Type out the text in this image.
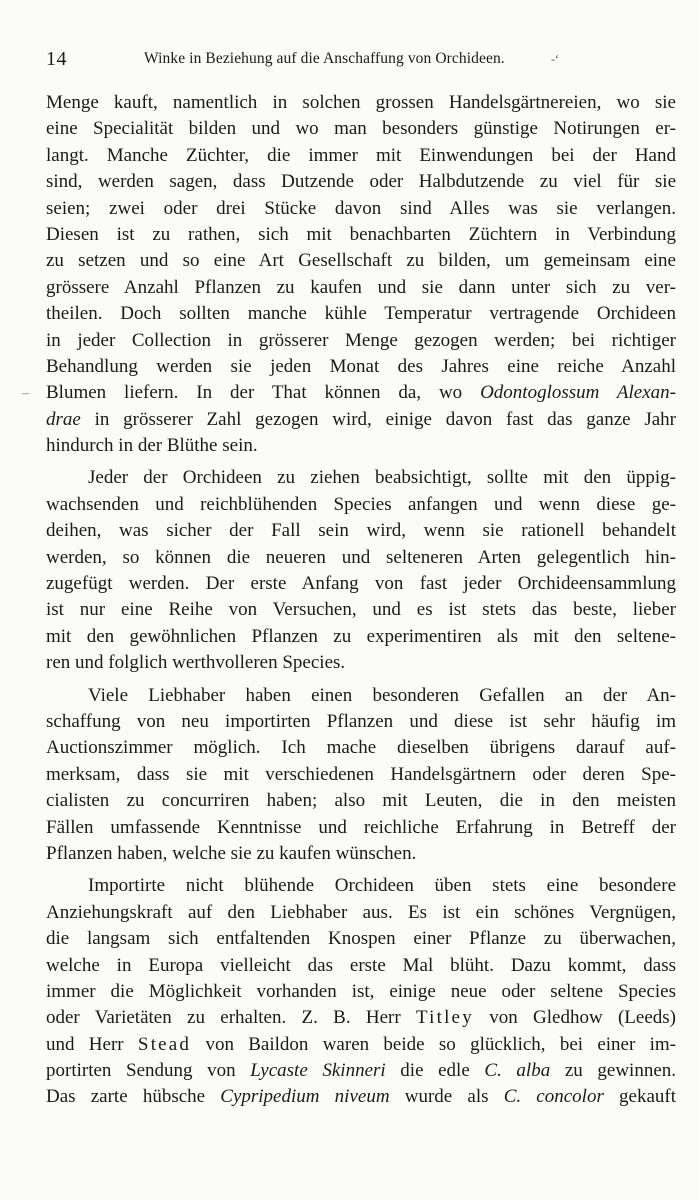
14	Winke in Beziehung auf die Anschaffung von Orchideen.	-‘
–
Menge kauft, namentlich in solchen grossen Handelsgärtnereien, wo sie
eine Specialität bilden und wo man besonders günstige Notirungen er-
langt. Manche Züchter, die immer mit Einwendungen bei der Hand
sind, werden sagen, dass Dutzende oder Halbdutzende zu viel für sie
seien; zwei oder drei Stücke davon sind Alles was sie verlangen.
Diesen ist zu rathen, sich mit benachbarten Züchtern in Verbindung
zu setzen und so eine Art Gesellschaft zu bilden, um gemeinsam eine
grössere Anzahl Pflanzen zu kaufen und sie dann unter sich zu ver-
theilen. Doch sollten manche kühle Temperatur vertragende Orchideen
in jeder Collection in grösserer Menge gezogen werden; bei richtiger
Behandlung werden sie jeden Monat des Jahres eine reiche Anzahl
Blumen liefern. In der That können da, wo Odontoglossum Alexan-
drae in grösserer Zahl gezogen wird, einige davon fast das ganze Jahr
hindurch in der Blüthe sein.
Jeder der Orchideen zu ziehen beabsichtigt, sollte mit den üppig-
wachsenden und reichblühenden Species anfangen und wenn diese ge-
deihen, was sicher der Fall sein wird, wenn sie rationell behandelt
werden, so können die neueren und selteneren Arten gelegentlich hin-
zugefügt werden. Der erste Anfang von fast jeder Orchideensammlung
ist nur eine Reihe von Versuchen, und es ist stets das beste, lieber
mit den gewöhnlichen Pflanzen zu experimentiren als mit den seltene-
ren und folglich werthvolleren Species.
Viele Liebhaber haben einen besonderen Gefallen an der An-
schaffung von neu importirten Pflanzen und diese ist sehr häufig im
Auctionszimmer möglich. Ich mache dieselben übrigens darauf auf-
merksam, dass sie mit verschiedenen Handelsgärtnern oder deren Spe-
cialisten zu concurriren haben; also mit Leuten, die in den meisten
Fällen umfassende Kenntnisse und reichliche Erfahrung in Betreff der
Pflanzen haben, welche sie zu kaufen wünschen.
Importirte nicht blühende Orchideen üben stets eine besondere
Anziehungskraft auf den Liebhaber aus. Es ist ein schönes Vergnügen,
die langsam sich entfaltenden Knospen einer Pflanze zu überwachen,
welche in Europa vielleicht das erste Mal blüht. Dazu kommt, dass
immer die Möglichkeit vorhanden ist, einige neue oder seltene Species
oder Varietäten zu erhalten. Z. B. Herr Titley von Gledhow (Leeds)
und Herr Stead von Baildon waren beide so glücklich, bei einer im-
portirten Sendung von Lycaste Skinneri die edle C. alba zu gewinnen.
Das zarte hübsche Cypripedium niveum wurde als C. concolor gekauft
